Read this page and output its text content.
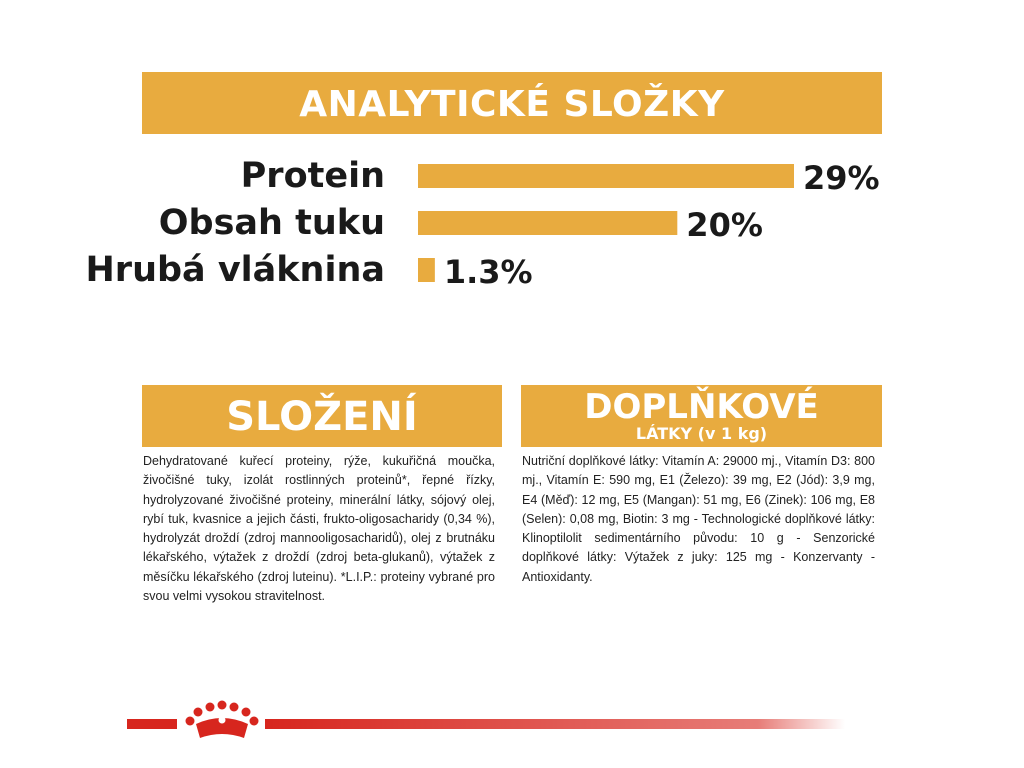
ANALYTICKÉ SLOŽKY
Protein	29%
Obsah tuku	20%
Hrubá vláknina 1.3%
SLOŽENÍ
Dehydratované kuřecí proteiny, rýže, kukuřičná moučka, živočišné tuky, izolát rostlinných proteinů*, řepné řízky, hydrolyzované živočišné proteiny, minerální látky, sójový olej, rybí tuk, kvasnice a jejich části, frukto-oligosacharidy (0,34 %), hydrolyzát droždí (zdroj mannooligosacharidů), olej z brutnáku lékařského, výtažek z droždí (zdroj beta-glukanů), výtažek z měsíčku lékařského (zdroj luteinu). *L.I.P.: proteiny vybrané pro svou velmi vysokou stravitelnost.
DOPLŇKOVÉ
LÁTKY (v 1 kg)
Nutriční doplňkové látky: Vitamín A: 29000 mj., Vitamín D3: 800 mj., Vitamín E: 590 mg, E1 (Železo): 39 mg, E2 (Jód): 3,9 mg, E4 (Měď): 12 mg, E5 (Mangan): 51 mg, E6 (Zinek): 106 mg, E8 (Selen): 0,08 mg, Biotin: 3 mg - Technologické doplňkové látky: Klinoptilolit sedimentárního původu: 10 g - Senzorické doplňkové látky: Výtažek z juky: 125 mg - Konzervanty - Antioxidanty.
